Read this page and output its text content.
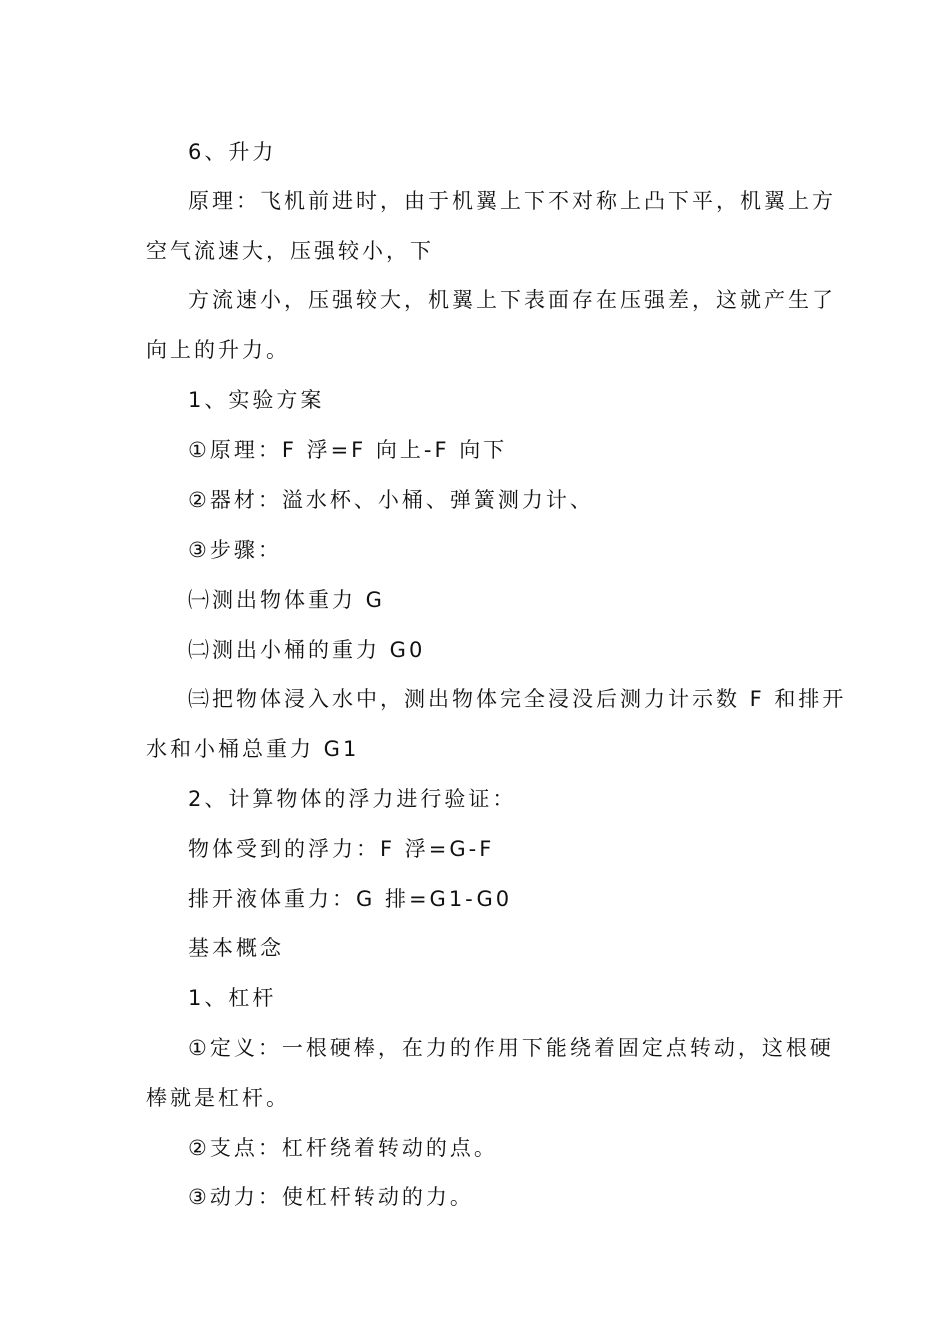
6、升力
原理：飞机前进时，由于机翼上下不对称上凸下平，机翼上方
空气流速大，压强较小，下
方流速小，压强较大，机翼上下表面存在压强差，这就产生了
向上的升力。
1、实验方案
①原理：F 浮=F 向上-F 向下
②器材：溢水杯、小桶、弹簧测力计、
③步骤：
㈠测出物体重力 G
㈡测出小桶的重力 G0
㈢把物体浸入水中，测出物体完全浸没后测力计示数 F 和排开
水和小桶总重力 G1
2、计算物体的浮力进行验证：
物体受到的浮力：F 浮=G-F
排开液体重力：G 排=G1-G0
基本概念
1、杠杆
①定义：一根硬棒，在力的作用下能绕着固定点转动，这根硬
棒就是杠杆。
②支点：杠杆绕着转动的点。
③动力：使杠杆转动的力。
